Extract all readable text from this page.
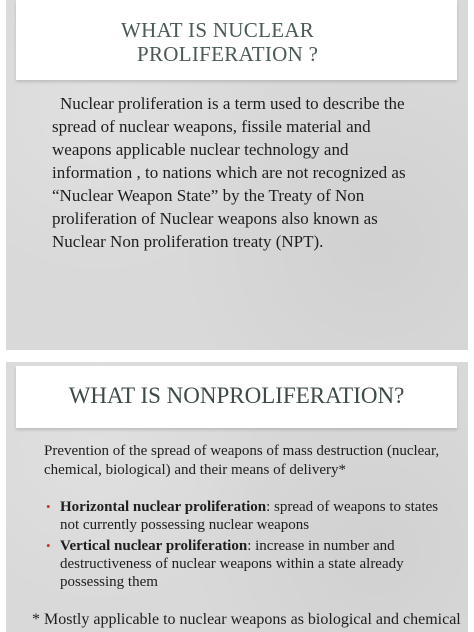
WHAT IS NUCLEAR
PROLIFERATION ?
Nuclear proliferation is a term used to describe the
spread of nuclear weapons, fissile material and
weapons applicable nuclear technology and
information , to nations which are not recognized as
“Nuclear Weapon State” by the Treaty of Non
proliferation of Nuclear weapons also known as
Nuclear Non proliferation treaty (NPT).
WHAT IS NONPROLIFERATION?
Prevention of the spread of weapons of mass destruction (nuclear,
chemical, biological) and their means of delivery*
• Horizontal nuclear proliferation: spread of weapons to states
not currently possessing nuclear weapons
• Vertical nuclear proliferation: increase in number and
destructiveness of nuclear weapons within a state already
possessing them
* Mostly applicable to nuclear weapons as biological and chemical
